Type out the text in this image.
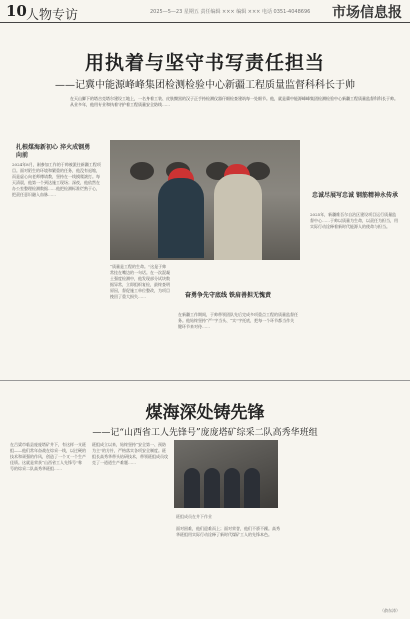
10 人物专访	2025—5—23 星期五 责任编辑 ××× 编辑 ××× 电话 0351-4048696 市场信息报
用执着与坚守书写责任担当
——记冀中能源峰峰集团检测检验中心新疆工程质量监督科科长于帅
在天山脚下的塔吉克塔尔建设工地上，一名身着工装、皮肤黝黑的汉子正手持检测仪器仔细检查建筑每一处细节。他，就是冀中能源峰峰集团检测检验中心新疆工程质量监督科科长于帅。从业多年，他用专业和执着守护着工程质量安全防线……
扎根煤海新初心 淬火成钢勇向前
2024年8月，刚参加工作的于帅被派往新疆工程项目。面对陌生的环境和繁重的任务，他没有退缩，而是虚心向老师傅请教，坚持在一线摸爬滚打。每天清晨，他第一个到达施工现场；深夜，他依然在办公室整理检测数据……他把检测标准烂熟于心，把责任意识融入血脉……
“质量是工程的生命。”这是于帅常挂在嘴边的一句话。在一次混凝土强度检测中，他发现部分试块数据异常，立即组织复检，最终查明原因，督促施工单位整改，为项目挽回了重大损失……	奋勇争先守底线 铁肩善担无愧责
在新疆工作期间，于帅带领团队先后完成多项重点工程的质量监督任务。他始终坚持“严”字当头、“实”字托底，把每一个环节都当作关键环节来对待……
忠诚尽展写忠诚 钢筋精神永传承
2025年，新疆维吾尔自治区建设项目运行质量监督中心……于帅以质量为生命，以责任为担当，用实际行动诠释着新时代能源人的使命与担当。
煤海深处铸先锋
——记“山西省工人先锋号”庞庞塔矿综采二队高秀华班组
在吕梁市临县庞庞塔矿井下，有这样一支班组——他们常年奋战在综采一线，以过硬的技术和顽强的作风，创造了一个又一个生产佳绩。这就是荣获“山西省工人先锋号”称号的综采二队高秀华班组……
班组成立以来，始终坚持“安全第一、预防为主”的方针，严格落实各项安全制度。班组长高秀华带头钻研技术，带领班组成员攻克了一道道生产难题……
班组成员在井下作业
面对困难，他们迎难而上；面对荣誉，他们不骄不躁。高秀华班组用实际行动诠释了新时代煤矿工人的先锋本色。
（俞东涛）
